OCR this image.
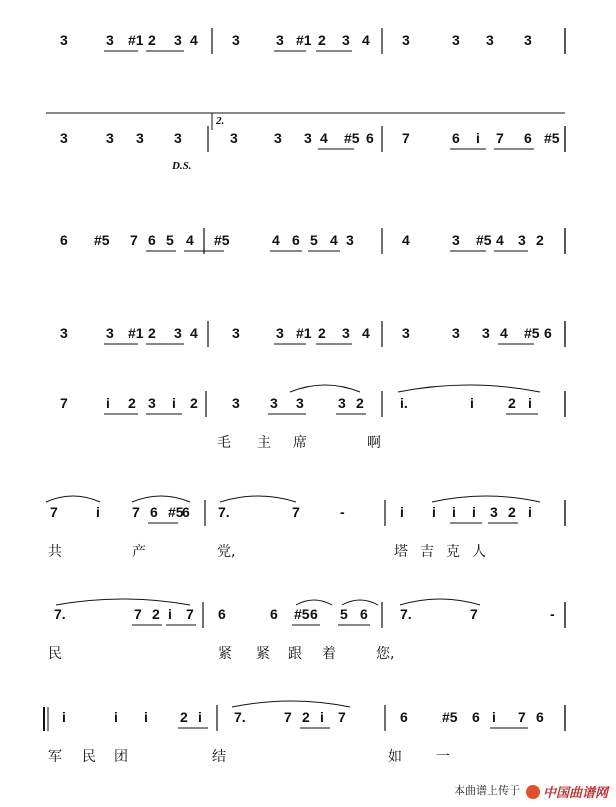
3	3 #1 2 3 4 3	3 #1 2 3 4 3	3 3 3
3	3 3 3	3	3 3 4 #5 6 7	6 i 7 6 #5
6 #5 7 6 5 4 #5	4 6 5 4 3	4	3 #5 4 3 2
3	3 #1 2 3 4 3	3 #1 2 3 4 3	3 3 4 #5 6
7	i 2 3 i 2 3 3 3 3 2	i.	i 2 i
毛 主 席	啊
7	i 7 6 #5
6 7.	7	-	i i i i 3 2 i
共	产	党,	塔 吉 克 人
7.	7 2 i 7 6	6 #5 6 5 6 7.	7	-
民	紧 紧 跟 着	您,
i	i i 2 i 7.	7 2 i 7	6 #5 6 i 7 6
军 民 团	结	如 一
2.
D.S.
本曲谱上传于	中国曲谱网
